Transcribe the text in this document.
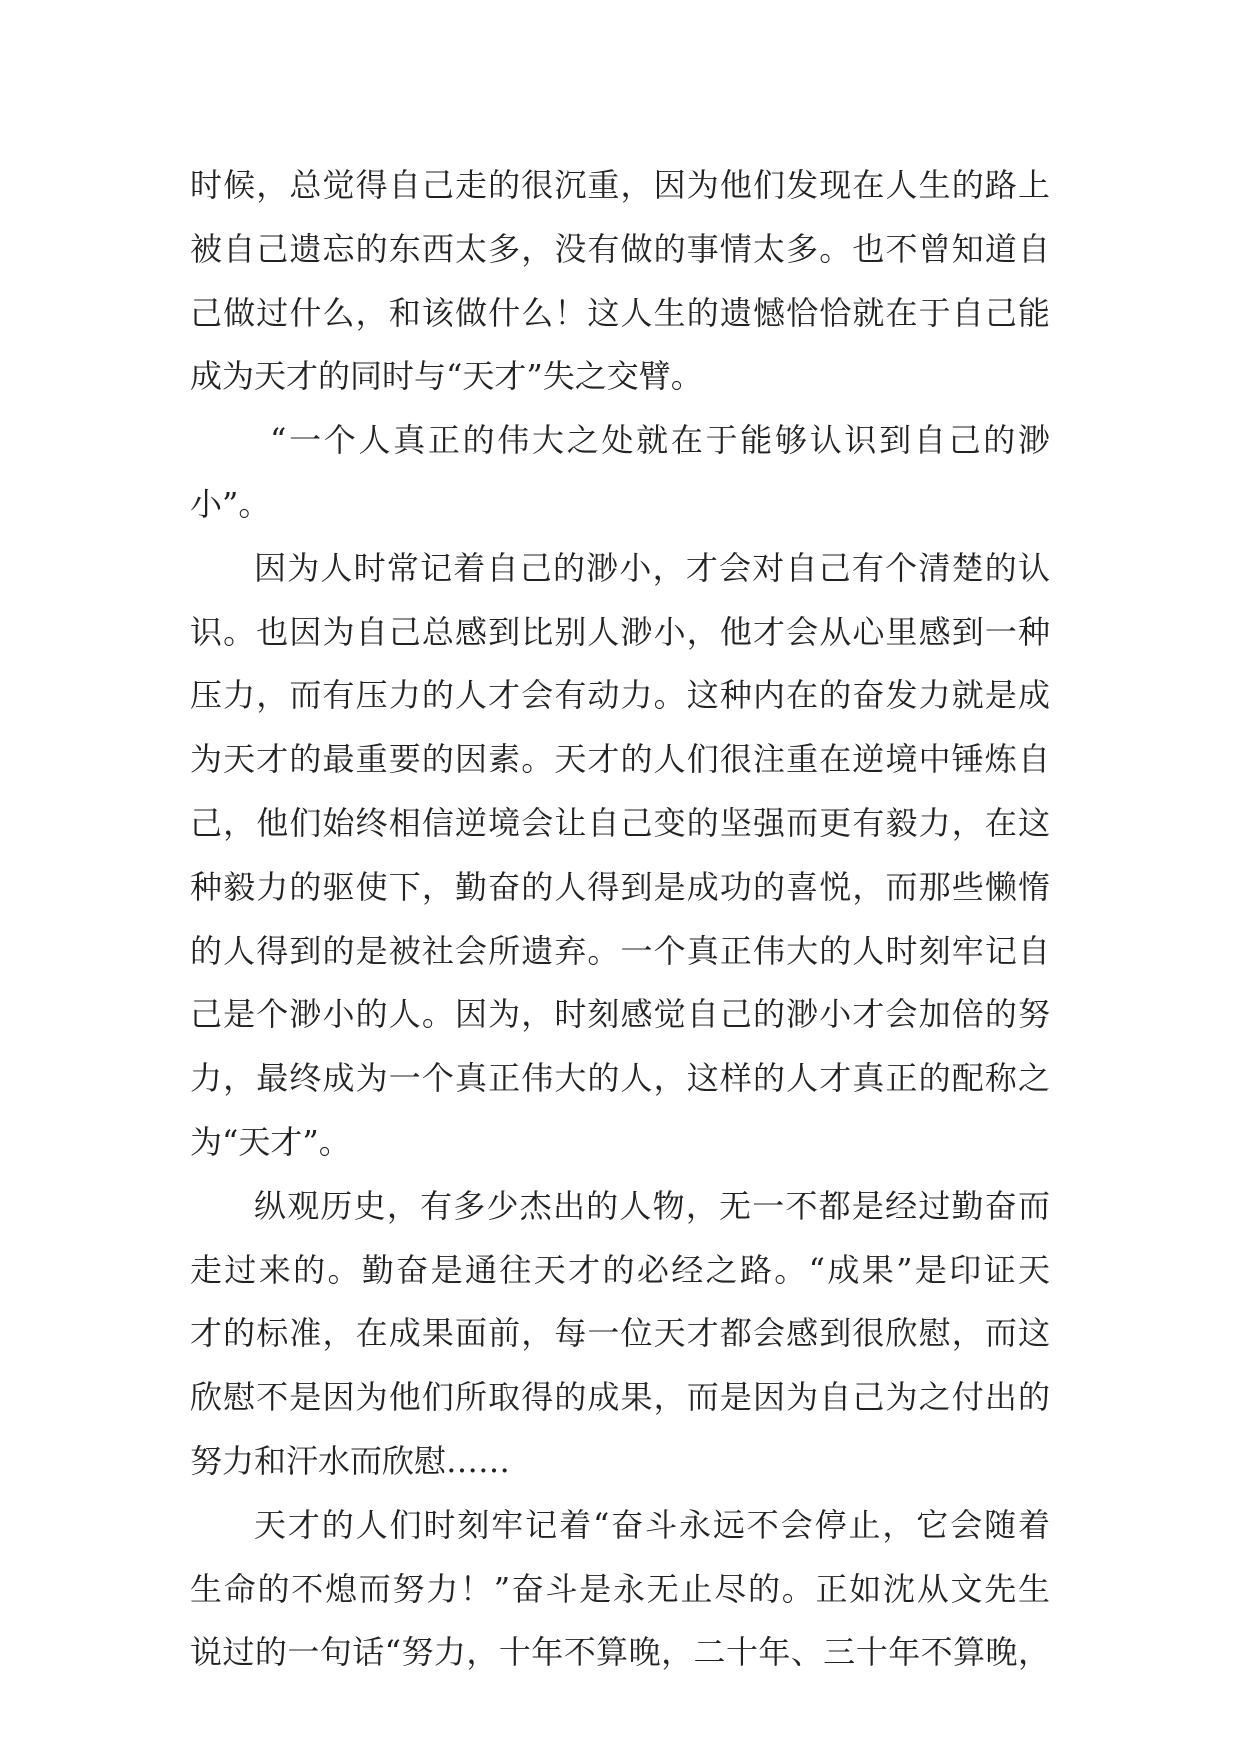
时候，总觉得自己走的很沉重，因为他们发现在人生的路上
被自己遗忘的东西太多，没有做的事情太多。也不曾知道自
己做过什么，和该做什么！这人生的遗憾恰恰就在于自己能
成为天才的同时与“天才”失之交臂。
“一个人真正的伟大之处就在于能够认识到自己的渺
小”。
因为人时常记着自己的渺小，才会对自己有个清楚的认
识。也因为自己总感到比别人渺小，他才会从心里感到一种
压力，而有压力的人才会有动力。这种内在的奋发力就是成
为天才的最重要的因素。天才的人们很注重在逆境中锤炼自
己，他们始终相信逆境会让自己变的坚强而更有毅力，在这
种毅力的驱使下，勤奋的人得到是成功的喜悦，而那些懒惰
的人得到的是被社会所遗弃。一个真正伟大的人时刻牢记自
己是个渺小的人。因为，时刻感觉自己的渺小才会加倍的努
力，最终成为一个真正伟大的人，这样的人才真正的配称之
为“天才”。
纵观历史，有多少杰出的人物，无一不都是经过勤奋而
走过来的。勤奋是通往天才的必经之路。“成果”是印证天
才的标准，在成果面前，每一位天才都会感到很欣慰，而这
欣慰不是因为他们所取得的成果，而是因为自己为之付出的
努力和汗水而欣慰……
天才的人们时刻牢记着“奋斗永远不会停止，它会随着
生命的不熄而努力！”奋斗是永无止尽的。正如沈从文先生
说过的一句话“努力，十年不算晚，二十年、三十年不算晚，
